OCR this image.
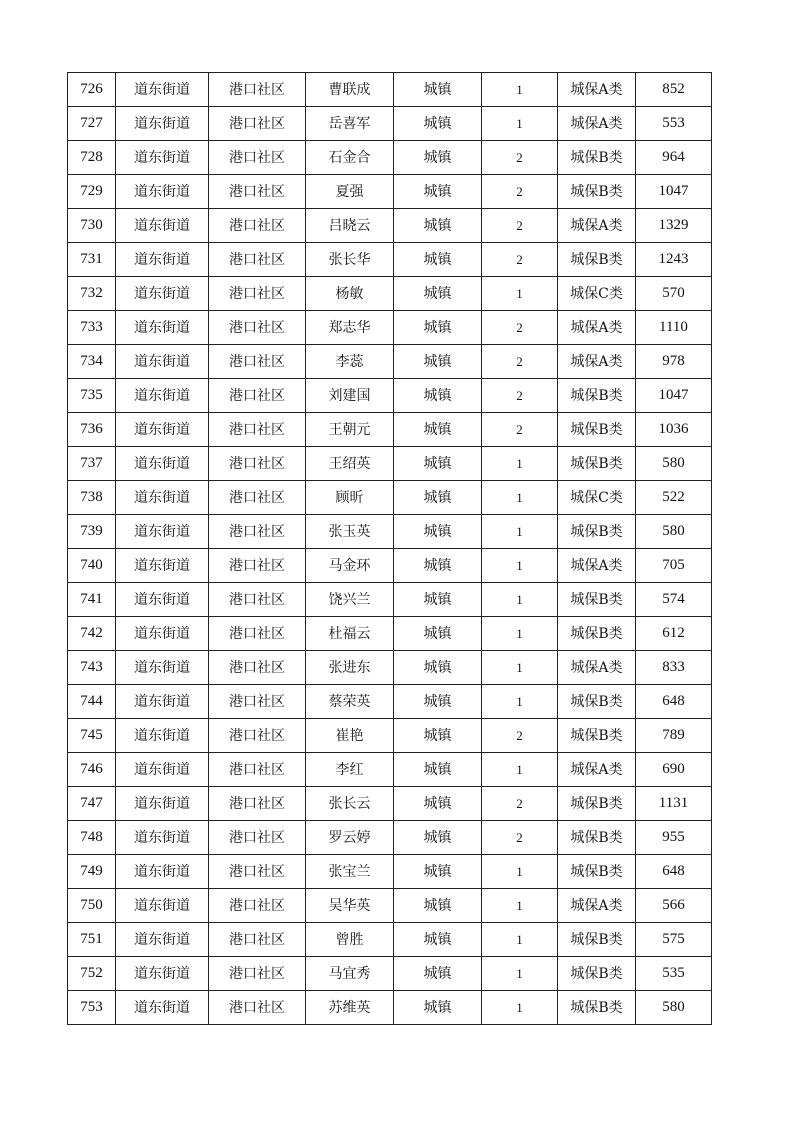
726	道东街道	港口社区	曹联成	城镇	1	城保A类	852
727	道东街道	港口社区	岳喜军	城镇	1	城保A类	553
728	道东街道	港口社区	石金合	城镇	2	城保B类	964
729	道东街道	港口社区	夏强	城镇	2	城保B类	1047
730	道东街道	港口社区	吕晓云	城镇	2	城保A类	1329
731	道东街道	港口社区	张长华	城镇	2	城保B类	1243
732	道东街道	港口社区	杨敏	城镇	1	城保C类	570
733	道东街道	港口社区	郑志华	城镇	2	城保A类	1110
734	道东街道	港口社区	李蕊	城镇	2	城保A类	978
735	道东街道	港口社区	刘建国	城镇	2	城保B类	1047
736	道东街道	港口社区	王朝元	城镇	2	城保B类	1036
737	道东街道	港口社区	王绍英	城镇	1	城保B类	580
738	道东街道	港口社区	顾昕	城镇	1	城保C类	522
739	道东街道	港口社区	张玉英	城镇	1	城保B类	580
740	道东街道	港口社区	马金环	城镇	1	城保A类	705
741	道东街道	港口社区	饶兴兰	城镇	1	城保B类	574
742	道东街道	港口社区	杜福云	城镇	1	城保B类	612
743	道东街道	港口社区	张进东	城镇	1	城保A类	833
744	道东街道	港口社区	蔡荣英	城镇	1	城保B类	648
745	道东街道	港口社区	崔艳	城镇	2	城保B类	789
746	道东街道	港口社区	李红	城镇	1	城保A类	690
747	道东街道	港口社区	张长云	城镇	2	城保B类	1131
748	道东街道	港口社区	罗云婷	城镇	2	城保B类	955
749	道东街道	港口社区	张宝兰	城镇	1	城保B类	648
750	道东街道	港口社区	吴华英	城镇	1	城保A类	566
751	道东街道	港口社区	曾胜	城镇	1	城保B类	575
752	道东街道	港口社区	马宜秀	城镇	1	城保B类	535
753	道东街道	港口社区	苏维英	城镇	1	城保B类	580
